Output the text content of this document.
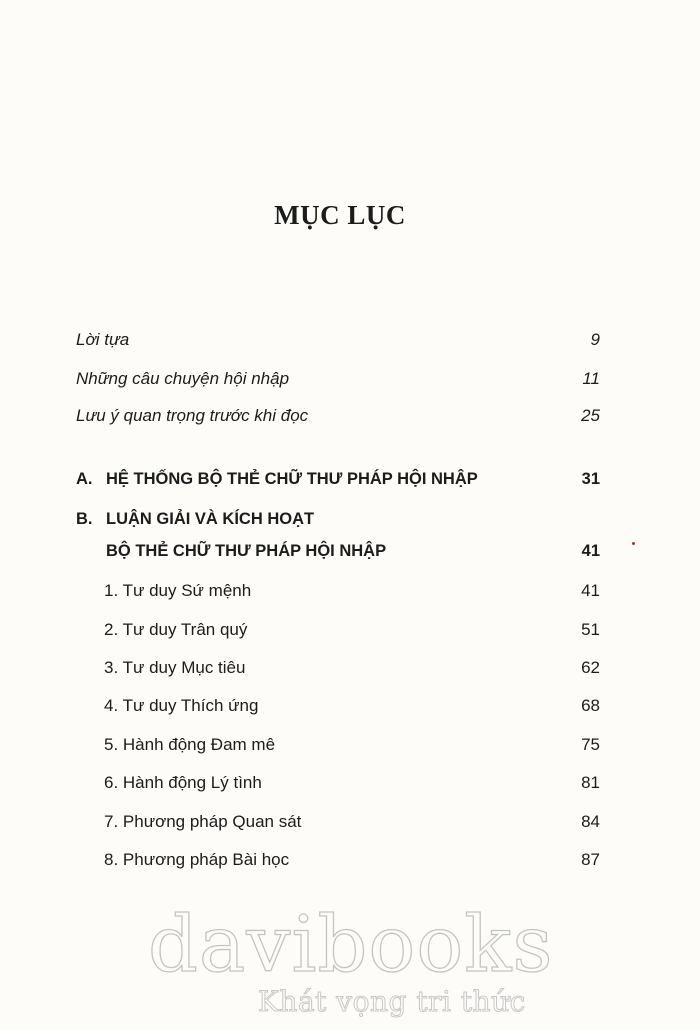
MỤC LỤC
Lời tựa	9
Những câu chuyện hội nhập	11
Lưu ý quan trọng trước khi đọc	25
A. HỆ THỐNG BỘ THẺ CHỮ THƯ PHÁP HỘI NHẬP	31
B. LUẬN GIẢI VÀ KÍCH HOẠT
BỘ THẺ CHỮ THƯ PHÁP HỘI NHẬP	41
1. Tư duy Sứ mệnh	41
2. Tư duy Trân quý	51
3. Tư duy Mục tiêu	62
4. Tư duy Thích ứng	68
5. Hành động Đam mê	75
6. Hành động Lý tình	81
7. Phương pháp Quan sát	84
8. Phương pháp Bài học	87
davibooks
Khát vọng tri thức
